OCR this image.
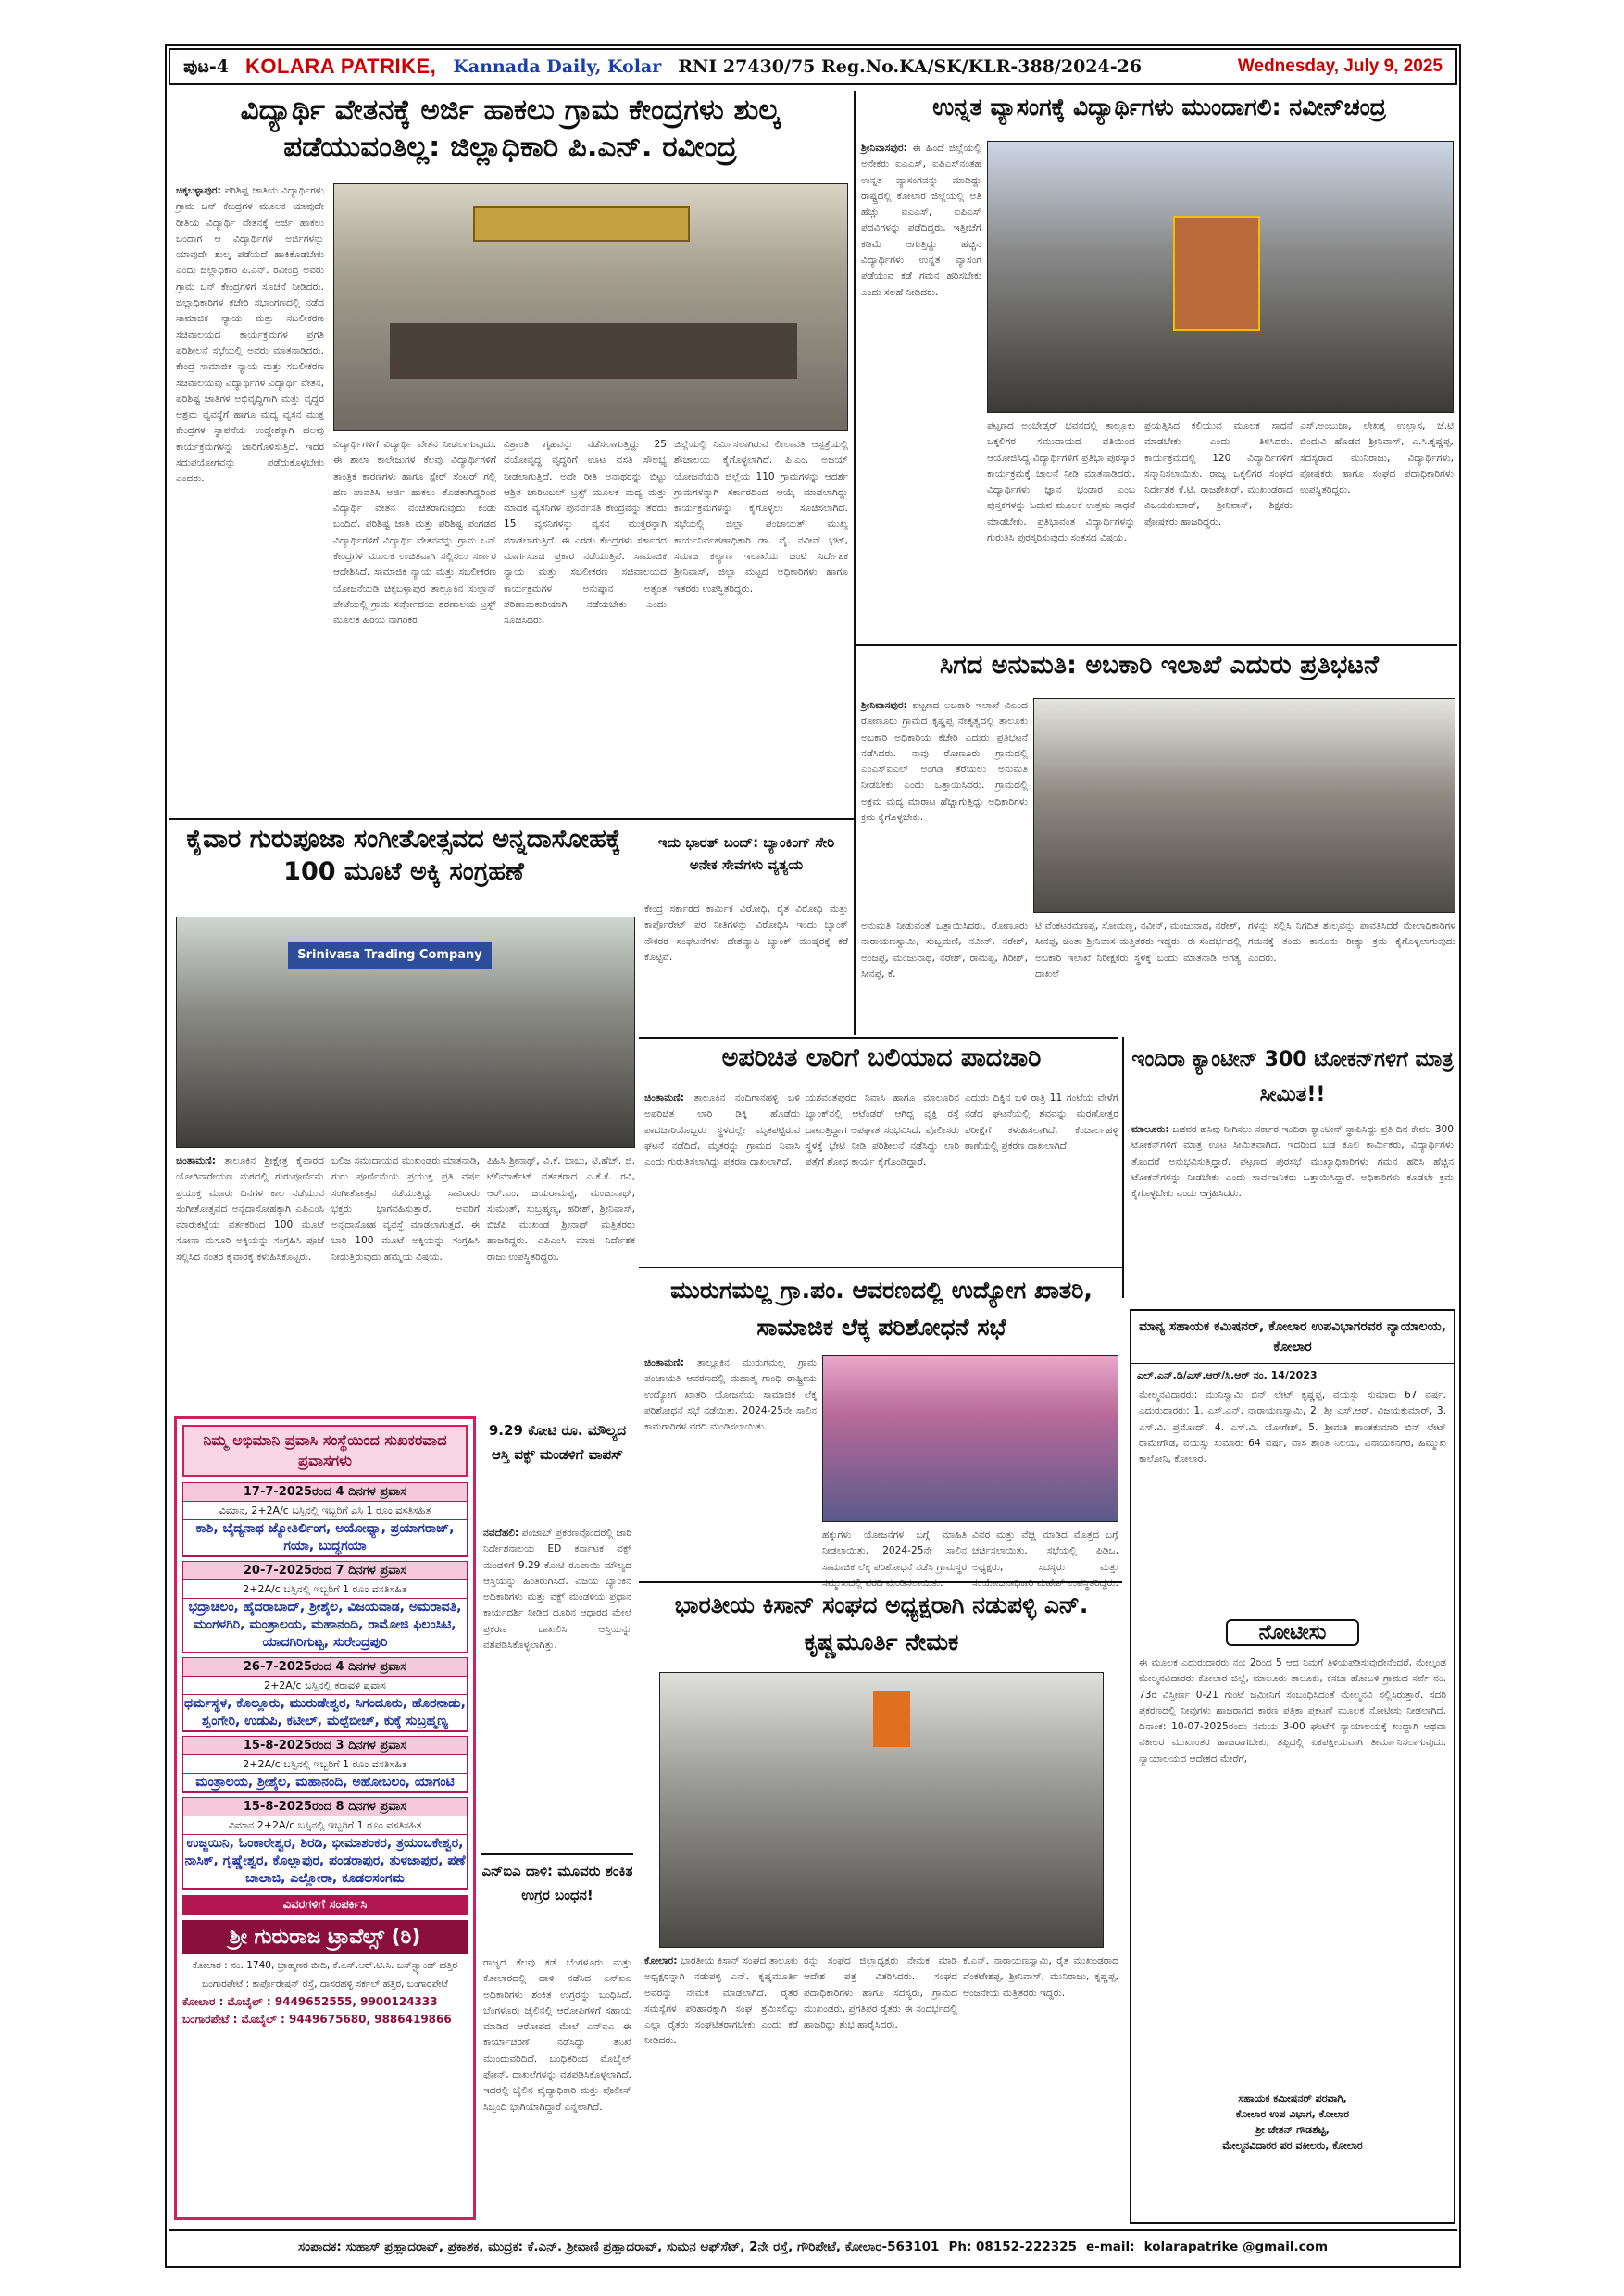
ಪುಟ-4 KOLARA PATRIKE, Kannada Daily, Kolar RNI 27430/75 Reg.No.KA/SK/KLR-388/2024-26	Wednesday, July 9, 2025
ವಿದ್ಯಾರ್ಥಿ ವೇತನಕ್ಕೆ ಅರ್ಜಿ ಹಾಕಲು ಗ್ರಾಮ ಕೇಂದ್ರಗಳು ಶುಲ್ಕ ಪಡೆಯುವಂತಿಲ್ಲ: ಜಿಲ್ಲಾಧಿಕಾರಿ ಪಿ.ಎನ್. ರವೀಂದ್ರ
ಚಿಕ್ಕಬಳ್ಳಾಪುರ: ಪರಿಶಿಷ್ಟ ಜಾತಿಯ ವಿದ್ಯಾರ್ಥಿಗಳು ಗ್ರಾಮ ಒನ್ ಕೇಂದ್ರಗಳ ಮೂಲಕ ಯಾವುದೇ ರೀತಿಯ ವಿದ್ಯಾರ್ಥಿ ವೇತನಕ್ಕೆ ಅರ್ಜಿ ಹಾಕಲು ಬಂದಾಗ ಆ ವಿದ್ಯಾರ್ಥಿಗಳ ಅರ್ಜಿಗಳನ್ನು ಯಾವುದೇ ಶುಲ್ಕ ಪಡೆಯದೆ ಹಾಕಿಕೊಡಬೇಕು ಎಂದು ಜಿಲ್ಲಾಧಿಕಾರಿ ಪಿ.ಎನ್. ರವೀಂದ್ರ ಅವರು ಗ್ರಾಮ ಒನ್ ಕೇಂದ್ರಗಳಿಗೆ ಸೂಚನೆ ನೀಡಿದರು. ಜಿಲ್ಲಾಧಿಕಾರಿಗಳ ಕಚೇರಿ ಸಭಾಂಗಣದಲ್ಲಿ ನಡೆದ ಸಾಮಾಜಿಕ ನ್ಯಾಯ ಮತ್ತು ಸಬಲೀಕರಣ ಸಚಿವಾಲಯದ ಕಾರ್ಯಕ್ರಮಗಳ ಪ್ರಗತಿ ಪರಿಶೀಲನೆ ಸಭೆಯಲ್ಲಿ ಅವರು ಮಾತನಾಡಿದರು. ಕೇಂದ್ರ ಸಾಮಾಜಿಕ ನ್ಯಾಯ ಮತ್ತು ಸಬಲೀಕರಣ ಸಚಿವಾಲಯವು ವಿದ್ಯಾರ್ಥಿಗಳ ವಿದ್ಯಾರ್ಥಿ ವೇತನ, ಪರಿಶಿಷ್ಟ ಜಾತಿಗಳ ಅಭಿವೃದ್ಧಿಗಾಗಿ ಮತ್ತು ವೃದ್ಧರ ಆಶ್ರಮ ವ್ಯವಸ್ಥೆಗೆ ಹಾಗೂ ಮದ್ಯ ವ್ಯಸನ ಮುಕ್ತ ಕೇಂದ್ರಗಳ ಸ್ಥಾಪನೆಯ ಉದ್ದೇಶಕ್ಕಾಗಿ ಹಲವು ಕಾರ್ಯಕ್ರಮಗಳನ್ನು ಜಾರಿಗೊಳಿಸುತ್ತಿದೆ. ಇದರ ಸದುಪಯೋಗವನ್ನು ಪಡೆದುಕೊಳ್ಳಬೇಕು ಎಂದರು.
ವಿದ್ಯಾರ್ಥಿಗಳಿಗೆ ವಿದ್ಯಾರ್ಥಿ ವೇತನ ನೀಡಲಾಗುವುದು. ಈ ಶಾಲಾ ಕಾಲೇಜುಗಳ ಕೆಲವು ವಿದ್ಯಾರ್ಥಿಗಳಿಗೆ ತಾಂತ್ರಿಕ ಕಾರಣಗಳು ಹಾಗೂ ಸ್ಪೇರ್ ಸೆಂಟರ್ ಗಲ್ಲಿ ಹಣ ಪಾವತಿಸಿ ಅರ್ಜಿ ಹಾಕಲು ತೊಡಕಾಗಿದ್ದರಿಂದ ವಿದ್ಯಾರ್ಥಿ ವೇತನ ವಂಚಿತರಾಗುವುದು ಕಂಡು ಬಂದಿದೆ. ಪರಿಶಿಷ್ಟ ಜಾತಿ ಮತ್ತು ಪರಿಶಿಷ್ಟ ಪಂಗಡದ ವಿದ್ಯಾರ್ಥಿಗಳಿಗೆ ವಿದ್ಯಾರ್ಥಿ ವೇತನವನ್ನು ಗ್ರಾಮ ಒನ್ ಕೇಂದ್ರಗಳ ಮೂಲಕ ಉಚಿತವಾಗಿ ಸಲ್ಲಿಸಲು ಸರ್ಕಾರ ಆದೇಶಿಸಿದೆ. ಸಾಮಾಜಿಕ ನ್ಯಾಯ ಮತ್ತು ಸಬಲೀಕರಣ ಯೋಜನೆಯಡಿ ಚಿಕ್ಕಬಳ್ಳಾಪುರ ತಾಲ್ಲೂಕಿನ ಸುಲ್ತಾನ್ ಪೇಟೆಯಲ್ಲಿ ಗ್ರಾಮ ಸರ್ವೋದಯ ಶರಣಾಲಯ ಟ್ರಸ್ಟ್ ಮೂಲಕ ಹಿರಿಯ ನಾಗರಿಕರ
ವಿಶ್ರಾಂತಿ ಗೃಹವನ್ನು ನಡೆಸಲಾಗುತ್ತಿದ್ದು 25 ವಯೋವೃದ್ಧ ವೃದ್ಧರಿಗೆ ಊಟ ವಸತಿ ಸೌಲಭ್ಯ ನೀಡಲಾಗುತ್ತಿದೆ. ಅದೇ ರೀತಿ ಅನಾಥರನ್ನು ಬಿಟ್ಟು ಆಶ್ರಿತ ಚಾರಿಟಬಲ್ ಟ್ರಸ್ಟ್ ಮೂಲಕ ಮದ್ಯ ಮತ್ತು ಮಾದಕ ವ್ಯಸನಿಗಳ ಪುನರ್ವಸತಿ ಕೇಂದ್ರವನ್ನು ತೆರೆದು 15 ವ್ಯಸನಿಗಳನ್ನು ವ್ಯಸನ ಮುಕ್ತರನ್ನಾಗಿ ಮಾಡಲಾಗುತ್ತಿದೆ. ಈ ಎರಡು ಕೇಂದ್ರಗಳು ಸರ್ಕಾರದ ಮಾರ್ಗಸೂಚಿ ಪ್ರಕಾರ ನಡೆಯುತ್ತಿವೆ. ಸಾಮಾಜಿಕ ನ್ಯಾಯ ಮತ್ತು ಸಬಲೀಕರಣ ಸಚಿವಾಲಯದ ಕಾರ್ಯಕ್ರಮಗಳ ಅನುಷ್ಠಾನ ಅತ್ಯಂತ ಪರಿಣಾಮಕಾರಿಯಾಗಿ ನಡೆಯಬೇಕು ಎಂದು ಸೂಚಿಸಿದರು.
ಜಿಲ್ಲೆಯಲ್ಲಿ ನಿರ್ಮಿಸಲಾಗಿರುವ ಲೀಲಾವತಿ ಆಸ್ಪತ್ರೆಯಲ್ಲಿ ಶೌಚಾಲಯ ಕೈಗೊಳ್ಳಲಾಗಿದೆ. ಪಿ.ಎಂ. ಅಜಯ್ ಯೋಜನೆಯಡಿ ಜಿಲ್ಲೆಯ 110 ಗ್ರಾಮಗಳನ್ನು ಆದರ್ಶ ಗ್ರಾಮಗಳನ್ನಾಗಿ ಸರ್ಕಾರದಿಂದ ಆಯ್ಕೆ ಮಾಡಲಾಗಿದ್ದು ಕಾರ್ಯಕ್ರಮಗಳನ್ನು ಕೈಗೊಳ್ಳಲು ಸೂಚಿಸಲಾಗಿದೆ. ಸಭೆಯಲ್ಲಿ ಜಿಲ್ಲಾ ಪಂಚಾಯತ್ ಮುಖ್ಯ ಕಾರ್ಯನಿರ್ವಹಣಾಧಿಕಾರಿ ಡಾ. ವೈ. ನವೀನ್ ಭಟ್, ಸಮಾಜ ಕಲ್ಯಾಣ ಇಲಾಖೆಯ ಜಂಟಿ ನಿರ್ದೇಶಕ ಶ್ರೀನಿವಾಸ್, ಜಿಲ್ಲಾ ಮಟ್ಟದ ಅಧಿಕಾರಿಗಳು ಹಾಗೂ ಇತರರು ಉಪಸ್ಥಿತರಿದ್ದರು.
ಉನ್ನತ ವ್ಯಾಸಂಗಕ್ಕೆ ವಿದ್ಯಾರ್ಥಿಗಳು ಮುಂದಾಗಲಿ: ನವೀನ್‌ಚಂದ್ರ
ಶ್ರೀನಿವಾಸಪುರ: ಈ ಹಿಂದೆ ಜಿಲ್ಲೆಯಲ್ಲಿ ಅನೇಕರು ಐಎಎಸ್, ಐಪಿಎಸ್‌ನಂತಹ ಉನ್ನತ ವ್ಯಾಸಂಗವನ್ನು ಮಾಡಿದ್ದು ರಾಷ್ಟ್ರದಲ್ಲಿ ಕೋಲಾರ ಜಿಲ್ಲೆಯಲ್ಲಿ ಅತಿ ಹೆಚ್ಚು ಐಎಎಸ್, ಐಪಿಎಸ್ ಪದವಿಗಳನ್ನು ಪಡೆದಿದ್ದರು. ಇತ್ತೀಚೆಗೆ ಕಡಿಮೆ ಆಗುತ್ತಿದ್ದು ಹೆಚ್ಚಿನ ವಿದ್ಯಾರ್ಥಿಗಳು ಉನ್ನತ ವ್ಯಾಸಂಗ ಪಡೆಯುವ ಕಡೆ ಗಮನ ಹರಿಸಬೇಕು ಎಂದು ಸಲಹೆ ನೀಡಿದರು.
ಪಟ್ಟಣದ ಅಂಬೇಡ್ಕರ್ ಭವನದಲ್ಲಿ ತಾಲ್ಲೂಕು ಒಕ್ಕಲಿಗರ ಸಮುದಾಯದ ವತಿಯಿಂದ ಆಯೋಜಿಸಿದ್ದ ವಿದ್ಯಾರ್ಥಿಗಳಿಗೆ ಪ್ರತಿಭಾ ಪುರಸ್ಕಾರ ಕಾರ್ಯಕ್ರಮಕ್ಕೆ ಚಾಲನೆ ನೀಡಿ ಮಾತನಾಡಿದರು. ವಿದ್ಯಾರ್ಥಿಗಳು ಜ್ಞಾನ ಭಂಡಾರ ಎಂಬ ಪುಸ್ತಕಗಳನ್ನು ಓದುವ ಮೂಲಕ ಉತ್ತಮ ಸಾಧನೆ ಮಾಡಬೇಕು. ಪ್ರತಿಭಾವಂತ ವಿದ್ಯಾರ್ಥಿಗಳನ್ನು ಗುರುತಿಸಿ ಪುರಸ್ಕರಿಸುವುದು ಸಂತಸದ ವಿಷಯ.
ಪ್ರಯತ್ನಿಸಿದ ಕಲಿಯುವ ಮೂಲಕ ಸಾಧನೆ ಮಾಡಬೇಕು ಎಂದು ತಿಳಿಸಿದರು. ಕಾರ್ಯಕ್ರಮದಲ್ಲಿ 120 ವಿದ್ಯಾರ್ಥಿಗಳಿಗೆ ಸನ್ಮಾನಿಸಲಾಯಿತು. ರಾಜ್ಯ ಒಕ್ಕಲಿಗರ ಸಂಘದ ನಿರ್ದೇಶಕ ಕೆ.ಟಿ. ರಾಜಶೇಖರ್, ಮುಖಂಡರಾದ ವಿಜಯಕುಮಾರ್, ಶ್ರೀನಿವಾಸ್, ಶಿಕ್ಷಕರು ಪೋಷಕರು ಹಾಜರಿದ್ದರು.
ಎಸ್.ಅಂಬುಜಾ, ಲೇಖಕ್ಕ ಉಲ್ಲಾಸ, ಜೆ.ಟಿ ಬಿಂದುವಿ ಹೊಡವ ಶ್ರೀನಿವಾಸ್, ಎ.ಸಿ.ಕೃಷ್ಣಪ್ಪ, ಸದಸ್ಯರಾದ ಮುನಿರಾಜು, ವಿದ್ಯಾರ್ಥಿಗಳು, ಪೋಷಕರು ಹಾಗೂ ಸಂಘದ ಪದಾಧಿಕಾರಿಗಳು ಉಪಸ್ಥಿತರಿದ್ದರು.
ಸಿಗದ ಅನುಮತಿ: ಅಬಕಾರಿ ಇಲಾಖೆ ಎದುರು ಪ್ರತಿಭಟನೆ
ಶ್ರೀನಿವಾಸಪುರ: ಪಟ್ಟಣದ ಅಬಕಾರಿ ಇಲಾಖೆ ವಿಎಂದ ರೋಣೂರು ಗ್ರಾಮದ ಕೃಷ್ಣಪ್ಪ ನೇತೃತ್ವದಲ್ಲಿ ತಾಲೂಕು ಅಬಕಾರಿ ಅಧಿಕಾರಿಯ ಕಚೇರಿ ಎದುರು ಪ್ರತಿಭಟನೆ ನಡೆಸಿದರು. ನಾವು ರೋಣೂರು ಗ್ರಾಮದಲ್ಲಿ ಎಂಎಸ್‌ಐಎಲ್ ಅಂಗಡಿ ತೆರೆಯಲು ಅನುಮತಿ ನೀಡಬೇಕು ಎಂದು ಒತ್ತಾಯಿಸಿದರು. ಗ್ರಾಮದಲ್ಲಿ ಅಕ್ರಮ ಮದ್ಯ ಮಾರಾಟ ಹೆಚ್ಚಾಗುತ್ತಿದ್ದು ಅಧಿಕಾರಿಗಳು ಕ್ರಮ ಕೈಗೊಳ್ಳಬೇಕು.
ಅನುಮತಿ ನೀಡುವಂತೆ ಒತ್ತಾಯಿಸಿದರು. ರೋಣೂರು ನಾರಾಯಣಸ್ವಾಮಿ, ಸುಬ್ಬಮಣಿ, ನವೀನ್, ನರೇಶ್, ಅಂಜಪ್ಪ, ಮಂಜುನಾಥ, ನರೇಶ್, ರಾಮಪ್ಪ, ಗಿರೀಶ್, ಸೀನಪ್ಪ, ಕೆ.
ಟಿ ವೆಂಕಟರಮಣಪ್ಪ, ಸೋಮಣ್ಣ, ನವೀನ್, ಮಂಜುನಾಥ, ನರೇಶ್, ಸೀನಪ್ಪ, ಚಿಂತಾ ಶ್ರೀನಿವಾಸ ಮತ್ತಿತರರು ಇದ್ದರು. ಈ ಸಂದರ್ಭದಲ್ಲಿ ಅಬಕಾರಿ ಇಲಾಖೆ ನಿರೀಕ್ಷಕರು ಸ್ಥಳಕ್ಕೆ ಬಂದು ಮಾತನಾಡಿ ಅಗತ್ಯ ದಾಖಲೆ
ಗಳನ್ನು ಸಲ್ಲಿಸಿ ನಿಗದಿತ ಶುಲ್ಕವನ್ನು ಪಾವತಿಸಿದರೆ ಮೇಲಾಧಿಕಾರಿಗಳ ಗಮನಕ್ಕೆ ತಂದು ಕಾನೂನು ರೀತ್ಯಾ ಕ್ರಮ ಕೈಗೊಳ್ಳಲಾಗುವುದು ಎಂದರು.
ಕೈವಾರ ಗುರುಪೂಜಾ ಸಂಗೀತೋತ್ಸವದ ಅನ್ನದಾಸೋಹಕ್ಕೆ 100 ಮೂಟೆ ಅಕ್ಕಿ ಸಂಗ್ರಹಣೆ
Srinivasa Trading Company
ಚಿಂತಾಮಣಿ: ತಾಲೂಕಿನ ಶ್ರೀಕ್ಷೇತ್ರ ಕೈವಾರದ ಯೋಗಿನಾರೇಯಣ ಮಠದಲ್ಲಿ ಗುರುಪೂರ್ಣಿಮೆ ಪ್ರಯುಕ್ತ ಮೂರು ದಿನಗಳ ಕಾಲ ನಡೆಯುವ ಸಂಗೀತೋತ್ಸವದ ಅನ್ನದಾಸೋಹಕ್ಕಾಗಿ ಎಪಿಎಂಸಿ ಮಾರುಕಟ್ಟೆಯ ವರ್ತಕರಿಂದ 100 ಮೂಟೆ ಸೋನಾ ಮಸೂರಿ ಅಕ್ಕಿಯನ್ನು ಸಂಗ್ರಹಿಸಿ ಪೂಜೆ ಸಲ್ಲಿಸಿದ ನಂತರ ಕೈವಾರಕ್ಕೆ ಕಳುಹಿಸಿಕೊಟ್ಟರು.
ಬಲಿಜ ಸಮುದಾಯದ ಮುಖಂಡರು ಮಾತನಾಡಿ, ಗುರು ಪೂರ್ಣಿಮೆಯ ಪ್ರಯುಕ್ತ ಪ್ರತಿ ವರ್ಷ ಸಂಗೀತೋತ್ಸವ ನಡೆಯುತ್ತಿದ್ದು ಸಾವಿರಾರು ಭಕ್ತರು ಭಾಗವಹಿಸುತ್ತಾರೆ. ಅವರಿಗೆ ಅನ್ನದಾಸೋಹ ವ್ಯವಸ್ಥೆ ಮಾಡಲಾಗುತ್ತದೆ. ಈ ಬಾರಿ 100 ಮೂಟೆ ಅಕ್ಕಿಯನ್ನು ಸಂಗ್ರಹಿಸಿ ನೀಡುತ್ತಿರುವುದು ಹೆಮ್ಮೆಯ ವಿಷಯ.
ಪಿಹಿಸಿ ಶ್ರೀನಾಥ್, ವಿ.ಕೆ. ಬಾಬು, ಟಿ.ಹೆಚ್. ಜಿ. ಟೆಲಿಮಾರ್ಕೆಟ್ ವರ್ತಕರಾದ ಎ.ಕೆ.ಕೆ. ರವಿ, ಆರ್.ಎಂ. ಜಯರಾಮಪ್ಪ, ಮಂಜುನಾಥ್, ಸುಮಂತ್, ಸುಬ್ರಹ್ಮಣ್ಯ, ಹರೀಶ್, ಶ್ರೀನಿವಾಸ್, ಬಿಜೆಪಿ ಮುಖಂಡ ಶ್ರೀನಾಥ್ ಮತ್ತಿತರರು ಹಾಜರಿದ್ದರು. ಎಪಿಎಂಸಿ ಮಾಜಿ ನಿರ್ದೇಶಕ ರಾಜು ಉಪಸ್ಥಿತರಿದ್ದರು.
ಇದು ಭಾರತ್ ಬಂದ್: ಬ್ಯಾಂಕಿಂಗ್ ಸೇರಿ ಅನೇಕ ಸೇವೆಗಳು ವ್ಯತ್ಯಯ
ಕೇಂದ್ರ ಸರ್ಕಾರದ ಕಾರ್ಮಿಕ ವಿರೋಧಿ, ರೈತ ವಿರೋಧಿ ಮತ್ತು ಕಾರ್ಪೊರೇಟ್ ಪರ ನೀತಿಗಳನ್ನು ವಿರೋಧಿಸಿ ಇಂದು ಬ್ಯಾಂಕ್ ನೌಕರರ ಸಂಘಟನೆಗಳು ದೇಶವ್ಯಾಪಿ ಬ್ಯಾಂಕ್ ಮುಷ್ಕರಕ್ಕೆ ಕರೆ ಕೊಟ್ಟಿವೆ.
ಅಪರಿಚಿತ ಲಾರಿಗೆ ಬಲಿಯಾದ ಪಾದಚಾರಿ
ಚಿಂತಾಮಣಿ: ತಾಲೂಕಿನ ನಂದಿಗಾನಹಳ್ಳಿ ಬಳಿ ಅಪರಿಚಿತ ಲಾರಿ ಡಿಕ್ಕಿ ಹೊಡೆದು ಪಾದಚಾರಿಯೊಬ್ಬರು ಸ್ಥಳದಲ್ಲೇ ಮೃತಪಟ್ಟಿರುವ ಘಟನೆ ನಡೆದಿದೆ. ಮೃತರನ್ನು ಗ್ರಾಮದ ನಿವಾಸಿ ಎಂದು ಗುರುತಿಸಲಾಗಿದ್ದು ಪ್ರಕರಣ ದಾಖಲಾಗಿದೆ.
ಯಶವಂತಪುರದ ನಿವಾಸಿ ಹಾಗೂ ಮಾಲೂರಿನ ಬ್ಯಾಂಕ್‌ನಲ್ಲಿ ಆಟೆಂಡರ್ ಆಗಿದ್ದ ವ್ಯಕ್ತಿ ರಸ್ತೆ ದಾಟುತ್ತಿದ್ದಾಗ ಅಪಘಾತ ಸಂಭವಿಸಿದೆ. ಪೊಲೀಸರು ಸ್ಥಳಕ್ಕೆ ಭೇಟಿ ನೀಡಿ ಪರಿಶೀಲನೆ ನಡೆಸಿದ್ದು ಲಾರಿ ಪತ್ತೆಗೆ ಶೋಧ ಕಾರ್ಯ ಕೈಗೊಂಡಿದ್ದಾರೆ.
ಎದುರು ದಿಕ್ಕಿನ ಬಳಿ ರಾತ್ರಿ 11 ಗಂಟೆಯ ವೇಳೆಗೆ ನಡೆದ ಘಟನೆಯಲ್ಲಿ ಶವವನ್ನು ಮರಣೋತ್ತರ ಪರೀಕ್ಷೆಗೆ ಕಳುಹಿಸಲಾಗಿದೆ. ಕೆಂಚಾರ್ಲಹಳ್ಳಿ ಠಾಣೆಯಲ್ಲಿ ಪ್ರಕರಣ ದಾಖಲಾಗಿದೆ.
ಇಂದಿರಾ ಕ್ಯಾಂಟೀನ್ 300 ಟೋಕನ್‌ಗಳಿಗೆ ಮಾತ್ರ ಸೀಮಿತ!!
ಮಾಲೂರು: ಬಡವರ ಹಸಿವು ನೀಗಿಸಲು ಸರ್ಕಾರ ಇಂದಿರಾ ಕ್ಯಾಂಟೀನ್ ಸ್ಥಾಪಿಸಿದ್ದು ಪ್ರತಿ ದಿನ ಕೇವಲ 300 ಟೋಕನ್‌ಗಳಿಗೆ ಮಾತ್ರ ಊಟ ಸೀಮಿತವಾಗಿದೆ. ಇದರಿಂದ ಬಡ ಕೂಲಿ ಕಾರ್ಮಿಕರು, ವಿದ್ಯಾರ್ಥಿಗಳು ತೊಂದರೆ ಅನುಭವಿಸುತ್ತಿದ್ದಾರೆ. ಪಟ್ಟಣದ ಪುರಸಭೆ ಮುಖ್ಯಾಧಿಕಾರಿಗಳು ಗಮನ ಹರಿಸಿ ಹೆಚ್ಚಿನ ಟೋಕನ್‌ಗಳನ್ನು ನೀಡಬೇಕು ಎಂದು ಸಾರ್ವಜನಿಕರು ಒತ್ತಾಯಿಸಿದ್ದಾರೆ. ಅಧಿಕಾರಿಗಳು ಕೂಡಲೇ ಕ್ರಮ ಕೈಗೊಳ್ಳಬೇಕು ಎಂದು ಆಗ್ರಹಿಸಿದರು.
ಮುರುಗಮಲ್ಲ ಗ್ರಾ.ಪಂ. ಆವರಣದಲ್ಲಿ ಉದ್ಯೋಗ ಖಾತರಿ, ಸಾಮಾಜಿಕ ಲೆಕ್ಕ ಪರಿಶೋಧನೆ ಸಭೆ
ಚಿಂತಾಮಣಿ: ತಾಲ್ಲೂಕಿನ ಮುರುಗಮಲ್ಲ ಗ್ರಾಮ ಪಂಚಾಯತಿ ಆವರಣದಲ್ಲಿ ಮಹಾತ್ಮ ಗಾಂಧಿ ರಾಷ್ಟ್ರೀಯ ಉದ್ಯೋಗ ಖಾತರಿ ಯೋಜನೆಯ ಸಾಮಾಜಿಕ ಲೆಕ್ಕ ಪರಿಶೋಧನೆ ಸಭೆ ನಡೆಯಿತು. 2024-25ನೇ ಸಾಲಿನ ಕಾಮಗಾರಿಗಳ ವರದಿ ಮಂಡಿಸಲಾಯಿತು.
ಹಕ್ಕುಗಳು ಯೋಜನೆಗಳ ಬಗ್ಗೆ ಮಾಹಿತಿ ನೀಡಲಾಯಿತು. 2024-25ನೇ ಸಾಲಿನ ಸಾಮಾಜಿಕ ಲೆಕ್ಕ ಪರಿಶೋಧನೆ ನಡೆಸಿ ಗ್ರಾಮಸ್ಥರ
ವಿವರ ಮತ್ತು ವೆಚ್ಚ ಮಾಡಿದ ಮೊತ್ತದ ಬಗ್ಗೆ ಚರ್ಚಿಸಲಾಯಿತು. ಸಭೆಯಲ್ಲಿ ಪಿಡಿಒ, ಅಧ್ಯಕ್ಷರು, ಸದಸ್ಯರು ಮತ್ತು
ನಿಮ್ಮ ಅಭಿಮಾನಿ ಪ್ರವಾಸಿ ಸಂಸ್ಥೆಯಿಂದ ಸುಖಕರವಾದ ಪ್ರವಾಸಗಳು
17-7-2025ರಂದ 4 ದಿನಗಳ ಪ್ರವಾಸ
ವಿಮಾನ, 2+2A/c ಬಸ್ಸಿನಲ್ಲಿ ಇಬ್ಬರಿಗೆ ಎಸಿ 1 ರೂಂ ವಸತಿಸಹಿತ
ಕಾಶಿ, ಬೈದ್ಯನಾಥ ಜ್ಯೋತಿರ್ಲಿಂಗ, ಅಯೋಧ್ಯಾ, ಪ್ರಯಾಗರಾಜ್, ಗಯಾ, ಬುದ್ಧಗಯಾ
20-7-2025ರಂದ 7 ದಿನಗಳ ಪ್ರವಾಸ
2+2A/c ಬಸ್ಸಿನಲ್ಲಿ ಇಬ್ಬರಿಗೆ 1 ರೂಂ ವಸತಿಸಹಿತ
ಭದ್ರಾಚಲಂ, ಹೈದರಾಬಾದ್, ಶ್ರೀಶೈಲ, ವಿಜಯವಾಡ, ಅಮರಾವತಿ, ಮಂಗಳಗಿರಿ, ಮಂತ್ರಾಲಯ, ಮಹಾನಂದಿ, ರಾಮೋಜಿ ಫಿಲಂಸಿಟಿ, ಯಾದಗಿರಿಗುಟ್ಟ, ಸುರೇಂದ್ರಪುರಿ
26-7-2025ರಂದ 4 ದಿನಗಳ ಪ್ರವಾಸ
2+2A/c ಬಸ್ಸಿನಲ್ಲಿ ಕರಾವಳಿ ಪ್ರವಾಸ
ಧರ್ಮಸ್ಥಳ, ಕೊಲ್ಲೂರು, ಮುರುಡೇಶ್ವರ, ಸಿಗಂದೂರು, ಹೊರನಾಡು, ಶೃಂಗೇರಿ, ಉಡುಪಿ, ಕಟೀಲ್, ಮಲ್ಪೆಬೀಚ್, ಕುಕ್ಕೆ ಸುಬ್ರಹ್ಮಣ್ಯ
15-8-2025ರಂದ 3 ದಿನಗಳ ಪ್ರವಾಸ
2+2A/c ಬಸ್ಸಿನಲ್ಲಿ ಇಬ್ಬರಿಗೆ 1 ರೂಂ ವಸತಿಸಹಿತ
ಮಂತ್ರಾಲಯ, ಶ್ರೀಶೈಲ, ಮಹಾನಂದಿ, ಅಹೋಬಲಂ, ಯಾಗಂಟಿ
15-8-2025ರಂದ 8 ದಿನಗಳ ಪ್ರವಾಸ
ವಿಮಾನ 2+2A/c ಬಸ್ಸಿನಲ್ಲಿ ಇಬ್ಬರಿಗೆ 1 ರೂಂ ವಸತಿಸಹಿತ
ಉಜ್ಜಯಿನಿ, ಓಂಕಾರೇಶ್ವರ, ಶಿರಡಿ, ಭೀಮಾಶಂಕರ, ತ್ರಯಂಬಕೇಶ್ವರ, ನಾಸಿಕ್, ಗೃಷ್ಣೇಶ್ವರ, ಕೊಲ್ಲಾಪುರ, ಪಂಡರಾಪುರ, ತುಳಜಾಪುರ, ಪಣೆ ಬಾಲಾಜಿ, ಎಲ್ಲೋರಾ, ಕೂಡಲಸಂಗಮ
ವಿವರಗಳಿಗೆ ಸಂಪರ್ಕಿಸಿ
ಶ್ರೀ ಗುರುರಾಜ ಟ್ರಾವೆಲ್ಸ್ (ರಿ)
ಕೋಲಾರ : ನಂ. 1740, ಬ್ರಾಹ್ಮಣರ ಬೀದಿ, ಕೆ.ಎಸ್.ಆರ್.ಟಿ.ಸಿ. ಬಸ್‌ಸ್ಟ್ಯಾಂಡ್ ಹತ್ತಿರ
ಬಂಗಾರಪೇಟೆ : ಕಾರ್ಪೊರೇಷನ್ ರಸ್ತೆ, ದಾಸರಹಳ್ಳಿ ಸರ್ಕಲ್ ಹತ್ತಿರ, ಬಂಗಾರಪೇಟೆ
ಕೋಲಾರ : ಮೊಬೈಲ್ : 9449652555, 9900124333
ಬಂಗಾರಪೇಟೆ : ಮೊಬೈಲ್ : 9449675680, 9886419866
9.29 ಕೋಟಿ ರೂ. ಮೌಲ್ಯದ ಆಸ್ತಿ ವಕ್ಫ್ ಮಂಡಳಿಗೆ ವಾಪಸ್
ನವದೆಹಲಿ: ಪಂಜಾಬ್ ಪ್ರಕರಣವೊಂದರಲ್ಲಿ ಜಾರಿ ನಿರ್ದೇಶನಾಲಯ ED ಕರ್ನಾಟಕ ವಕ್ಫ್ ಮಂಡಳಿಗೆ 9.29 ಕೋಟಿ ರೂಪಾಯಿ ಮೌಲ್ಯದ ಆಸ್ತಿಯನ್ನು ಹಿಂತಿರುಗಿಸಿದೆ. ವಿಜಯ ಬ್ಯಾಂಕಿನ ಅಧಿಕಾರಿಗಳು ಮತ್ತು ವಕ್ಫ್ ಮಂಡಳಿಯ ಪ್ರಧಾನ ಕಾರ್ಯದರ್ಶಿ ನೀಡಿದ ದೂರಿನ ಆಧಾರದ ಮೇಲೆ ಪ್ರಕರಣ ದಾಖಲಿಸಿ ಆಸ್ತಿಯನ್ನು ವಶಪಡಿಸಿಕೊಳ್ಳಲಾಗಿತ್ತು.
ಎನ್‌ಐಎ ದಾಳಿ: ಮೂವರು ಶಂಕಿತ ಉಗ್ರರ ಬಂಧನ!
ರಾಜ್ಯದ ಕೆಲವು ಕಡೆ ಬೆಂಗಳೂರು ಮತ್ತು ಕೋಲಾರದಲ್ಲಿ ದಾಳಿ ನಡೆಸಿದ ಎನ್‌ಐಎ ಅಧಿಕಾರಿಗಳು ಶಂಕಿತ ಉಗ್ರರನ್ನು ಬಂಧಿಸಿದೆ. ಬೆಂಗಳೂರು ಜೈಲಿನಲ್ಲಿ ಆರೋಪಿಗಳಿಗೆ ಸಹಾಯ ಮಾಡಿದ ಆರೋಪದ ಮೇಲೆ ಎನ್‌ಐಎ ಈ ಕಾರ್ಯಾಚರಣೆ ನಡೆಸಿದ್ದು ತನಿಖೆ ಮುಂದುವರಿದಿದೆ. ಬಂಧಿತರಿಂದ ಮೊಬೈಲ್ ಫೋನ್, ದಾಖಲೆಗಳನ್ನು ವಶಪಡಿಸಿಕೊಳ್ಳಲಾಗಿದೆ. ಇದರಲ್ಲಿ ಜೈಲಿನ ವೈದ್ಯಾಧಿಕಾರಿ ಮತ್ತು ಪೊಲೀಸ್ ಸಿಬ್ಬಂದಿ ಭಾಗಿಯಾಗಿದ್ದಾರೆ ಎನ್ನಲಾಗಿದೆ.
ಭಾರತೀಯ ಕಿಸಾನ್ ಸಂಘದ ಅಧ್ಯಕ್ಷರಾಗಿ ನಡುಪಳ್ಳಿ ಎನ್. ಕೃಷ್ಣಮೂರ್ತಿ ನೇಮಕ
ಕೋಲಾರ: ಭಾರತೀಯ ಕಿಸಾನ್ ಸಂಘದ ತಾಲೂಕು ಅಧ್ಯಕ್ಷರನ್ನಾಗಿ ನಡುಪಳ್ಳಿ ಎನ್. ಕೃಷ್ಣಮೂರ್ತಿ ಅವರನ್ನು ನೇಮಕ ಮಾಡಲಾಗಿದೆ. ರೈತರ ಸಮಸ್ಯೆಗಳ ಪರಿಹಾರಕ್ಕಾಗಿ ಸಂಘ ಶ್ರಮಿಸಲಿದ್ದು ಎಲ್ಲಾ ರೈತರು ಸಂಘಟಿತರಾಗಬೇಕು ಎಂದು ಕರೆ ನೀಡಿದರು.
ರನ್ನು ಸಂಘದ ಜಿಲ್ಲಾಧ್ಯಕ್ಷರು ನೇಮಕ ಮಾಡಿ ಆದೇಶ ಪತ್ರ ವಿತರಿಸಿದರು. ಸಂಘದ ಪದಾಧಿಕಾರಿಗಳು ಹಾಗೂ ಸದಸ್ಯರು, ಗ್ರಾಮದ ಮುಖಂಡರು, ಪ್ರಗತಿಪರ ರೈತರು ಈ ಸಂದರ್ಭದಲ್ಲಿ ಹಾಜರಿದ್ದು ಶುಭ ಹಾರೈಸಿದರು.
ಕೆ.ಎನ್. ನಾರಾಯಣಸ್ವಾಮಿ, ರೈತ ಮುಖಂಡರಾದ ವೆಂಕಟೇಶಪ್ಪ, ಶ್ರೀನಿವಾಸ್, ಮುನಿರಾಜು, ಕೃಷ್ಣಪ್ಪ, ಆಂಜನೇಯ ಮತ್ತಿತರರು ಇದ್ದರು.
ಮಾನ್ಯ ಸಹಾಯಕ ಕಮಿಷನರ್, ಕೋಲಾರ ಉಪವಿಭಾಗರವರ ನ್ಯಾಯಾಲಯ, ಕೋಲಾರ
ಎಲ್.ಎನ್.ಡಿ/ಎಸ್.ಆರ್/ಸಿ.ಆರ್ ನಂ. 14/2023
ಮೇಲ್ಮನವಿದಾರರು: ಮುನಿಸ್ವಾಮಿ ಬಿನ್ ಲೇಟ್ ಕೃಷ್ಣಪ್ಪ, ವಯಸ್ಸು ಸುಮಾರು 67 ವರ್ಷ. ಎದುರುದಾರರು: 1. ಎಸ್.ಎನ್. ನಾರಾಯಣಸ್ವಾಮಿ, 2. ಶ್ರೀ ಎಸ್.ಆರ್. ವಿಜಯಕುಮಾರ್, 3. ಎಸ್.ವಿ. ಪ್ರಮೋದ್, 4. ಎಸ್.ವಿ. ಯೋಗೇಶ್, 5. ಶ್ರೀಮತಿ ಶಾಂತಕುಮಾರಿ ಬಿನ್ ಲೇಟ್ ರಾಮೇಗೌಡ, ವಯಸ್ಸು ಸುಮಾರು 64 ವರ್ಷ, ವಾಸ ಶಾಂತಿ ನಿಲಯ, ವಿನಾಯಕನಗರ, ಹಿಮ್ಮುಖ ಕಾಲೋನಿ, ಕೋಲಾರ.
ನೋಟೀಸು
ಈ ಮೂಲಕ ಎದುರುದಾರರು ನಂ: 2ರಿಂದ 5 ಆದ ನಿಮಗೆ ತಿಳಿಯಪಡಿಸುವುದೇನೆಂದರೆ, ಮೇಲ್ಕಂಡ ಮೇಲ್ಮನವಿದಾರರು ಕೋಲಾರ ಜಿಲ್ಲೆ, ಮಾಲೂರು ತಾಲೂಕು, ಕಸಬಾ ಹೋಬಳಿ ಗ್ರಾಮದ ಸರ್ವೆ ನಂ. 73ರ ವಿಸ್ತೀರ್ಣ 0-21 ಗುಂಟೆ ಜಮೀನಿಗೆ ಸಂಬಂಧಿಸಿದಂತೆ ಮೇಲ್ಮನವಿ ಸಲ್ಲಿಸಿರುತ್ತಾರೆ. ಸದರಿ ಪ್ರಕರಣದಲ್ಲಿ ನೀವುಗಳು ಹಾಜರಾಗದ ಕಾರಣ ಪತ್ರಿಕಾ ಪ್ರಕಟಣೆ ಮೂಲಕ ನೋಟೀಸು ನೀಡಲಾಗಿದೆ. ದಿನಾಂಕ: 10-07-2025ರಂದು ಸಮಯ 3-00 ಘಂಟೆಗೆ ನ್ಯಾಯಾಲಯಕ್ಕೆ ಖುದ್ದಾಗಿ ಅಥವಾ ವಕೀಲರ ಮುಖಾಂತರ ಹಾಜರಾಗಬೇಕು, ತಪ್ಪಿದಲ್ಲಿ ಏಕಪಕ್ಷೀಯವಾಗಿ ತೀರ್ಮಾನಿಸಲಾಗುವುದು. ನ್ಯಾಯಾಲಯದ ಆದೇಶದ ಮೇರೆಗೆ,
ಸಹಾಯಕ ಕಮೀಷನರ್ ಪರವಾಗಿ,
ಕೋಲಾರ ಉಪ ವಿಭಾಗ, ಕೋಲಾರ
ಶ್ರೀ ಚೇತನ್ ಗೌಡಶೆಟ್ಟಿ,
ಮೇಲ್ಮನವಿದಾರರ ಪರ ವಕೀಲರು, ಕೋಲಾರ
ಸಂಪಾದಕ: ಸುಹಾಸ್ ಪ್ರಹ್ಲಾದರಾವ್, ಪ್ರಕಾಶಕ, ಮುದ್ರಕ: ಕೆ.ಎನ್. ಶ್ರೀವಾಣಿ ಪ್ರಹ್ಲಾದರಾವ್, ಸುಮನ ಆಫ್‌ಸೆಟ್, 2ನೇ ರಸ್ತೆ, ಗೌರಿಪೇಟೆ, ಕೋಲಾರ-563101 Ph: 08152-222325 e-mail: kolarapatrike @gmail.com
